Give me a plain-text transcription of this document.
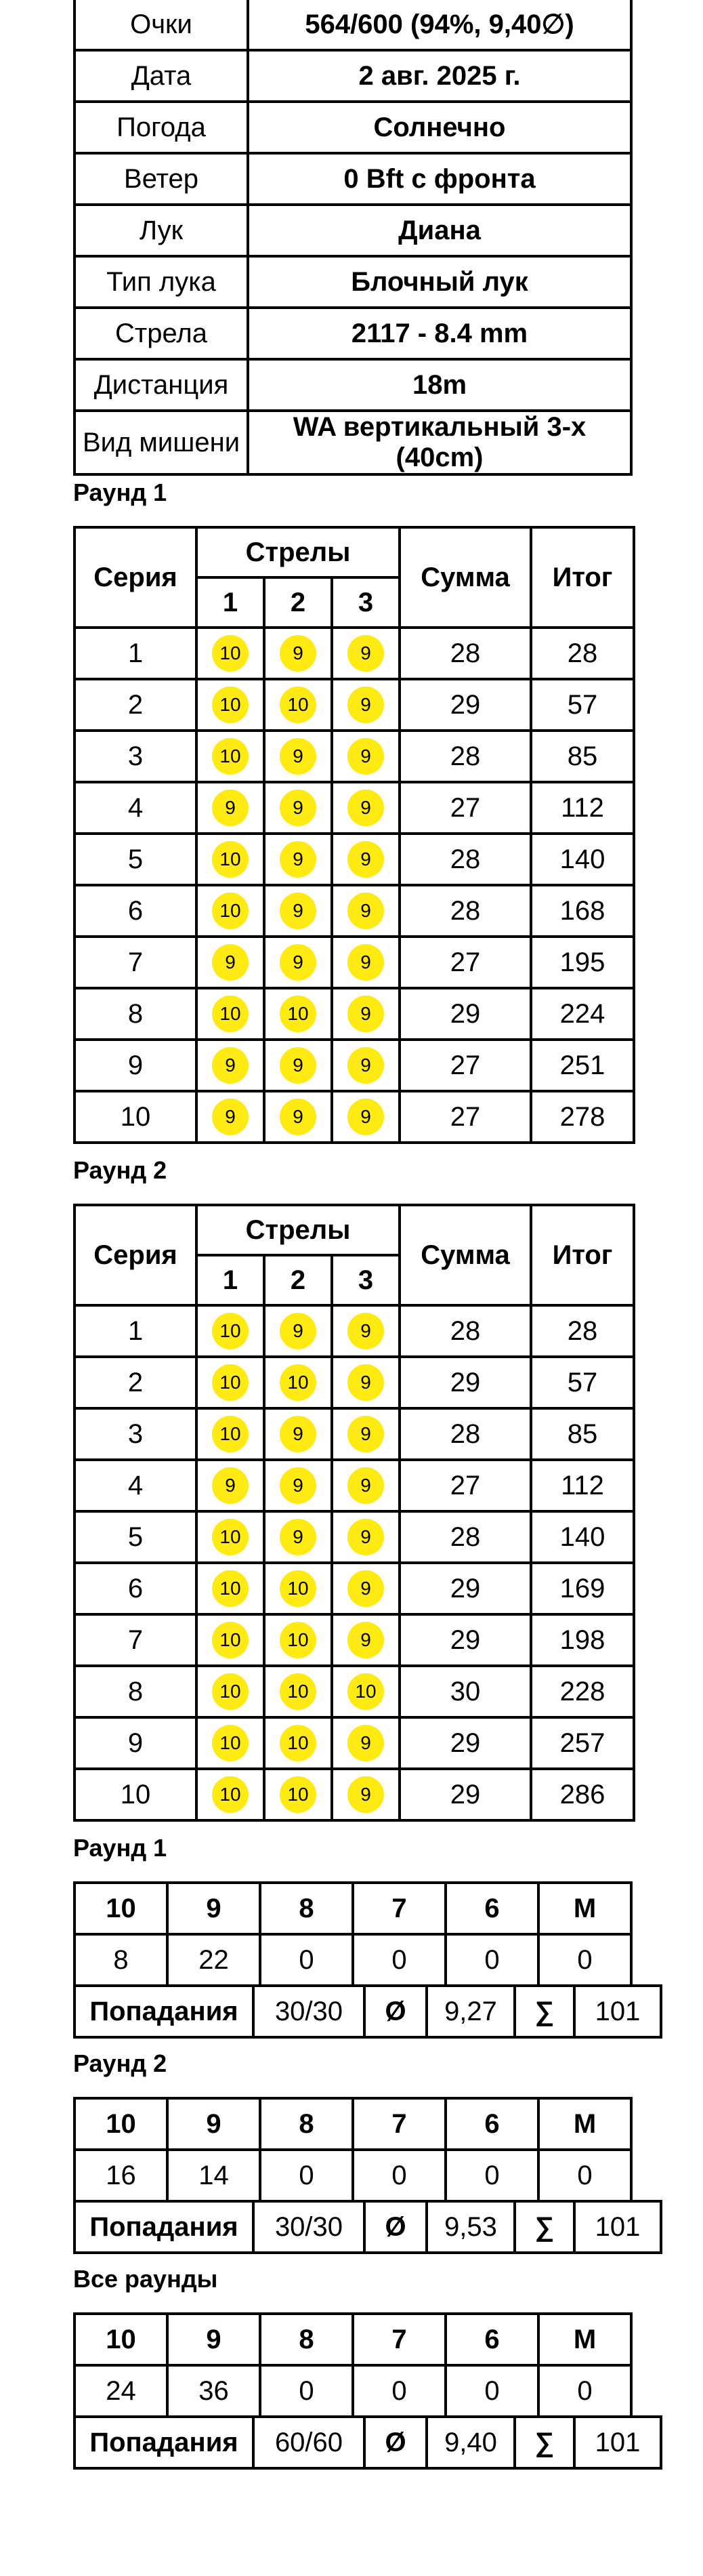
Очки	564/600 (94%, 9,40∅)
Дата	2 авг. 2025 г.
Погода	Солнечно
Ветер	0 Bft с фронта
Лук	Диана
Тип лука	Блочный лук
Стрела	2117 - 8.4 mm
Дистанция	18m
Вид мишени	WA вертикальный 3-х (40cm)
Раунд 1
Серия	Стрелы			Сумма	Итог
	1	2	3		
1	10	9	9	28	28
2	10	10	9	29	57
3	10	9	9	28	85
4	9	9	9	27	112
5	10	9	9	28	140
6	10	9	9	28	168
7	9	9	9	27	195
8	10	10	9	29	224
9	9	9	9	27	251
10	9	9	9	27	278
Раунд 2
Серия	Стрелы			Сумма	Итог
	1	2	3		
1	10	9	9	28	28
2	10	10	9	29	57
3	10	9	9	28	85
4	9	9	9	27	112
5	10	9	9	28	140
6	10	10	9	29	169
7	10	10	9	29	198
8	10	10	10	30	228
9	10	10	9	29	257
10	10	10	9	29	286
Раунд 1
10	9	8	7	6	M
8	22	0	0	0	0
Попадания	30/30	Ø	9,27	∑	101
Раунд 2
10	9	8	7	6	M
16	14	0	0	0	0
Попадания	30/30	Ø	9,53	∑	101
Все раунды
10	9	8	7	6	M
24	36	0	0	0	0
Попадания	60/60	Ø	9,40	∑	101
